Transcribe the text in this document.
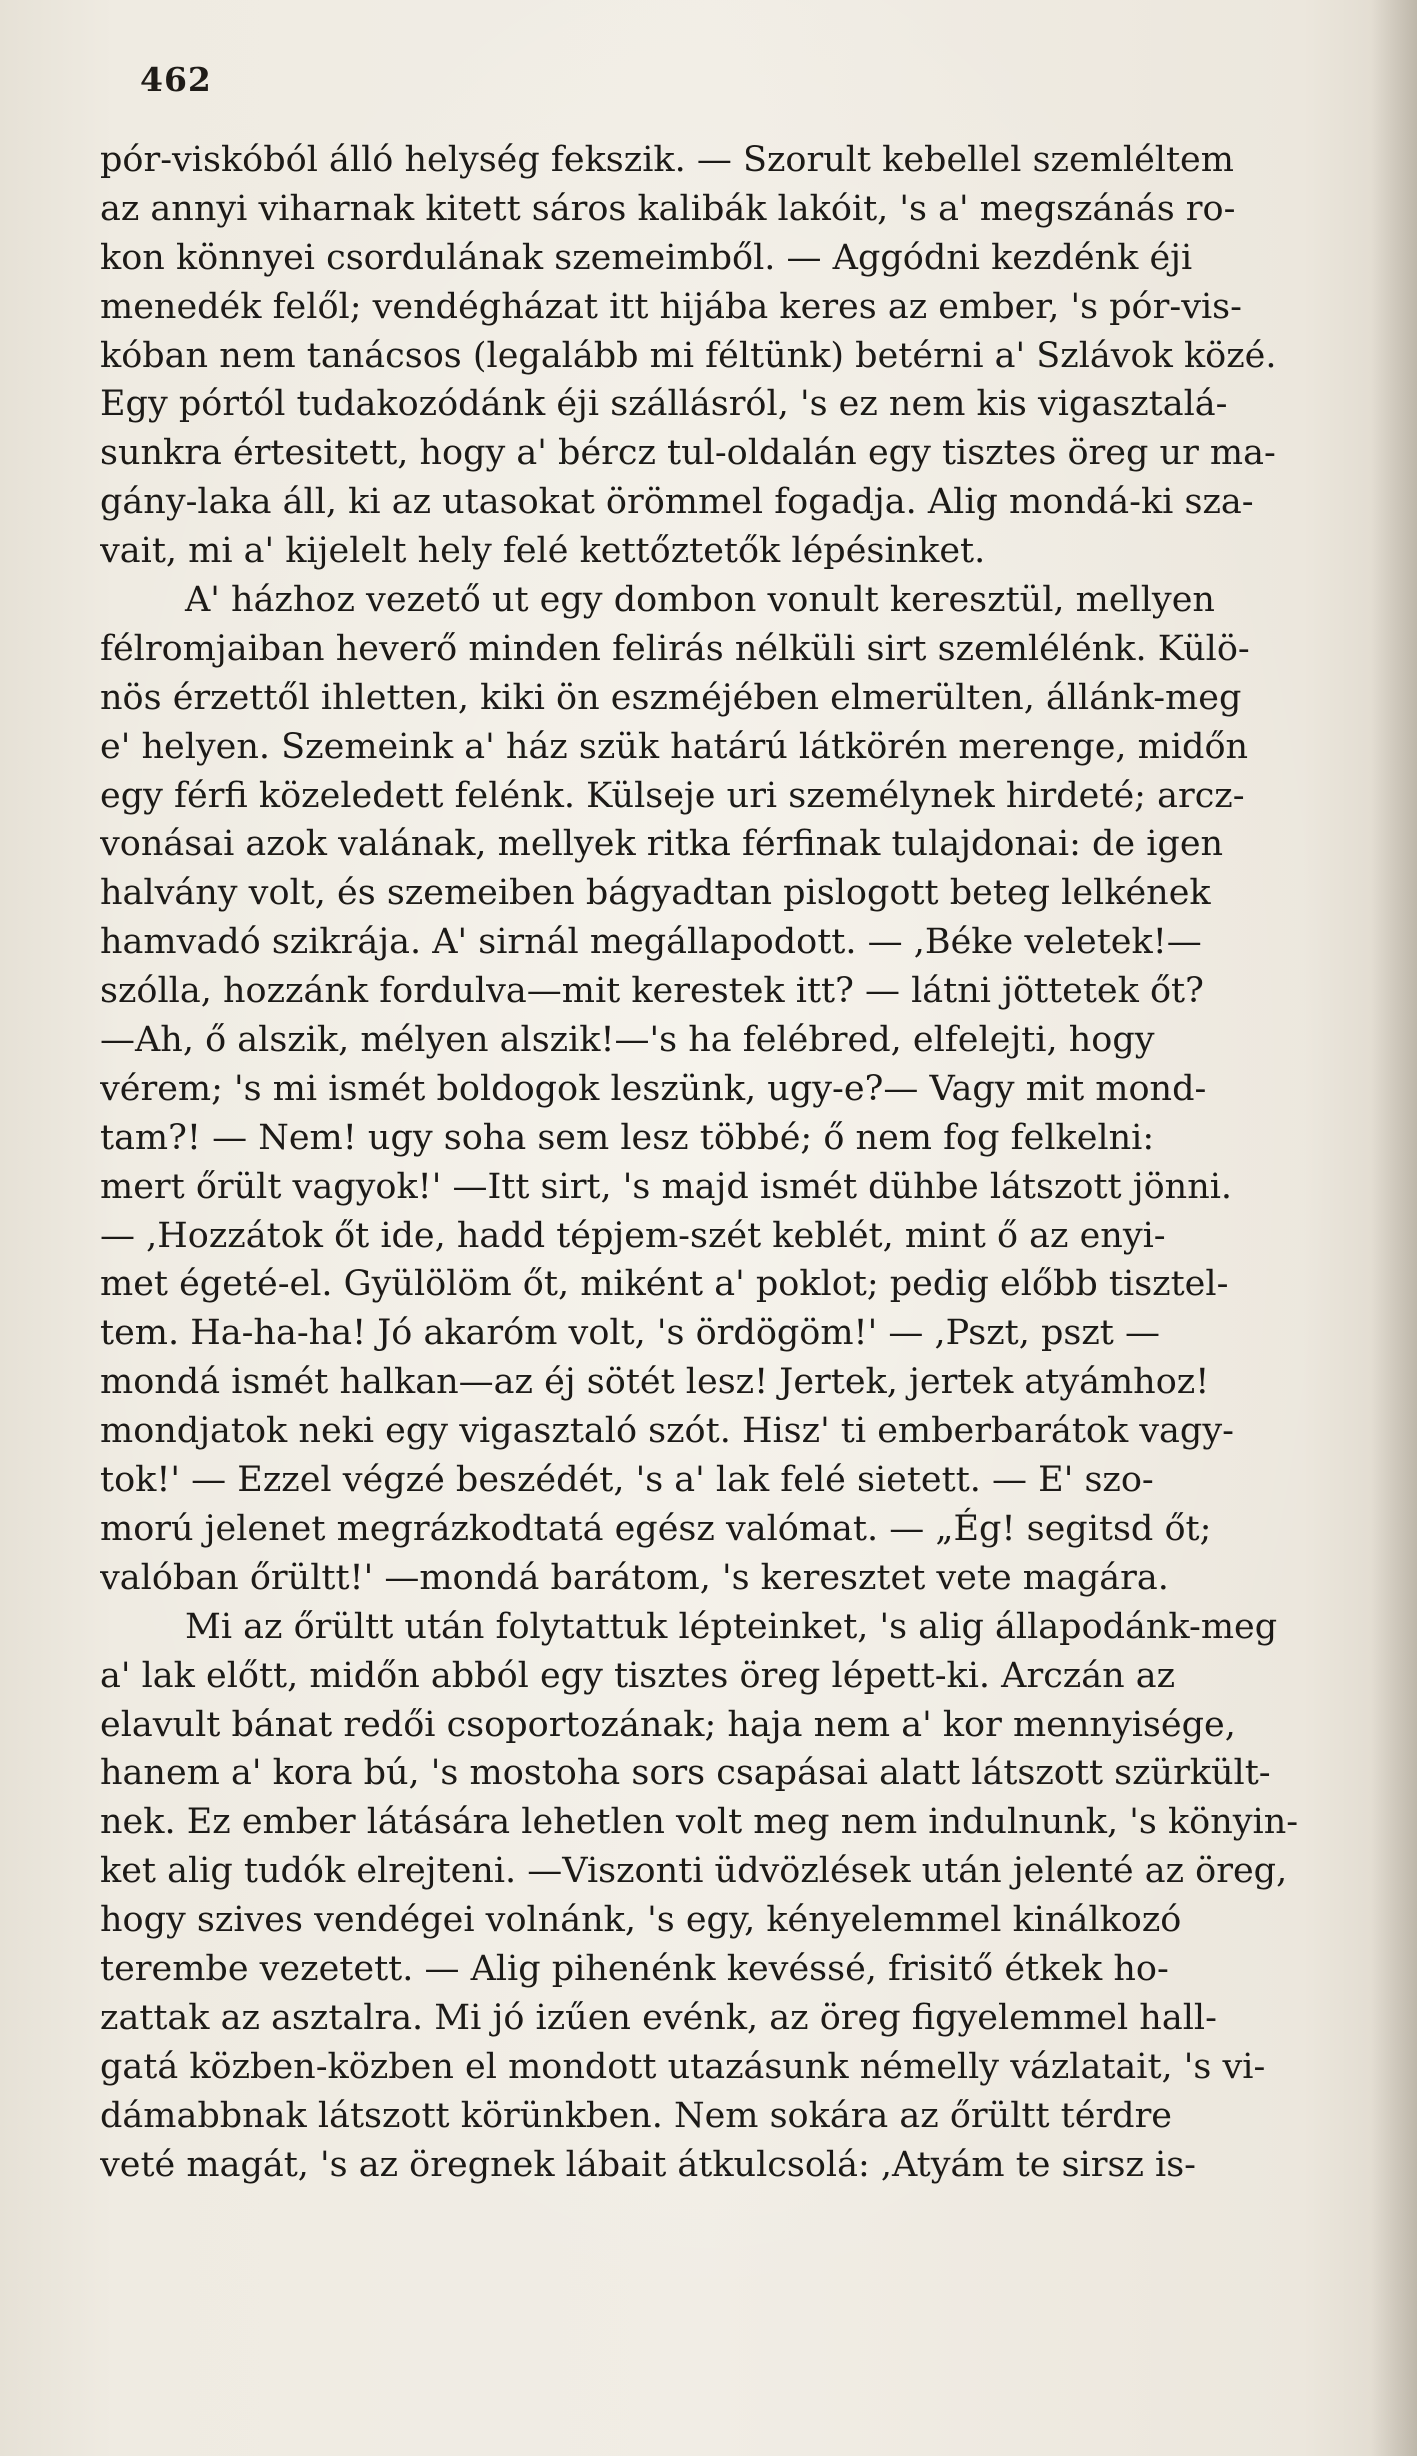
462

pór-viskóból álló helység fekszik. — Szorult kebellel szemléltem
az annyi viharnak kitett sáros kalibák lakóit, 's a' megszánás ro-
kon könnyei csordulának szemeimből. — Aggódni kezdénk éji
menedék felől; vendégházat itt hijába keres az ember, 's pór-vis-
kóban nem tanácsos (legalább mi féltünk) betérni a' Szlávok közé.
Egy pórtól tudakozódánk éji szállásról, 's ez nem kis vigasztalá-
sunkra értesitett, hogy a' bércz tul-oldalán egy tisztes öreg ur ma-
gány-laka áll, ki az utasokat örömmel fogadja. Alig mondá-ki sza-
vait, mi a' kijelelt hely felé kettőztetők lépésinket.
A' házhoz vezető ut egy dombon vonult keresztül, mellyen
félromjaiban heverő minden felirás nélküli sirt szemlélénk. Külö-
nös érzettől ihletten, kiki ön eszméjében elmerülten, állánk-meg
e' helyen. Szemeink a' ház szük határú látkörén merenge, midőn
egy férfi közeledett felénk. Külseje uri személynek hirdeté; arcz-
vonásai azok valának, mellyek ritka férfinak tulajdonai: de igen
halvány volt, és szemeiben bágyadtan pislogott beteg lelkének
hamvadó szikrája. A' sirnál megállapodott. — ,Béke veletek!—
szólla, hozzánk fordulva—mit kerestek itt? — látni jöttetek őt?
—Ah, ő alszik, mélyen alszik!—'s ha felébred, elfelejti, hogy
vérem; 's mi ismét boldogok leszünk, ugy-e?— Vagy mit mond-
tam?! — Nem! ugy soha sem lesz többé; ő nem fog felkelni:
mert őrült vagyok!' —Itt sirt, 's majd ismét dühbe látszott jönni.
— ,Hozzátok őt ide, hadd tépjem-szét keblét, mint ő az enyi-
met égeté-el. Gyülölöm őt, miként a' poklot; pedig előbb tisztel-
tem. Ha-ha-ha! Jó akaróm volt, 's ördögöm!' — ,Pszt, pszt —
mondá ismét halkan—az éj sötét lesz! Jertek, jertek atyámhoz!
mondjatok neki egy vigasztaló szót. Hisz' ti emberbarátok vagy-
tok!' — Ezzel végzé beszédét, 's a' lak felé sietett. — E' szo-
morú jelenet megrázkodtatá egész valómat. — „Ég! segitsd őt;
valóban őrültt!' —mondá barátom, 's keresztet vete magára.
Mi az őrültt után folytattuk lépteinket, 's alig állapodánk-meg
a' lak előtt, midőn abból egy tisztes öreg lépett-ki. Arczán az
elavult bánat redői csoportozának; haja nem a' kor mennyisége,
hanem a' kora bú, 's mostoha sors csapásai alatt látszott szürkült-
nek. Ez ember látására lehetlen volt meg nem indulnunk, 's könyin-
ket alig tudók elrejteni. —Viszonti üdvözlések után jelenté az öreg,
hogy szives vendégei volnánk, 's egy, kényelemmel kinálkozó
terembe vezetett. — Alig pihenénk kevéssé, frisitő étkek ho-
zattak az asztalra. Mi jó izűen evénk, az öreg figyelemmel hall-
gatá közben-közben el mondott utazásunk némelly vázlatait, 's vi-
dámabbnak látszott körünkben. Nem sokára az őrültt térdre
veté magát, 's az öregnek lábait átkulcsolá: ,Atyám te sirsz is-
